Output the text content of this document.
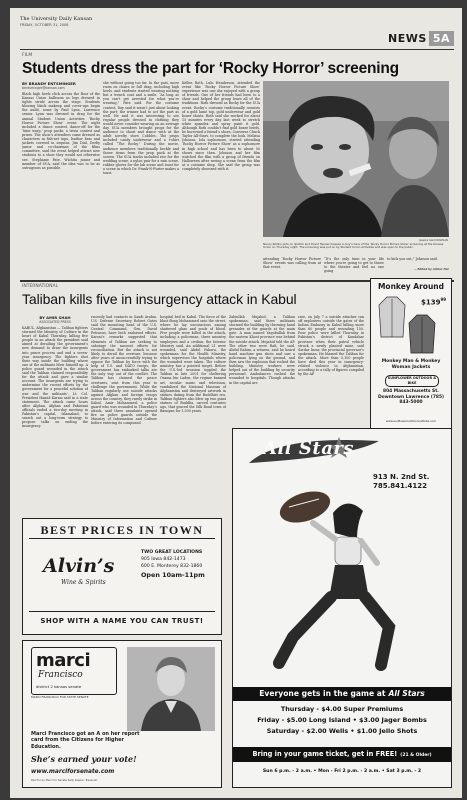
The University Daily Kansan
FRIDAY, OCTOBER 31, 2008
NEWS 5A
FILM
Students dress the part for ‘Rocky Horror’ screening
BY BRANDY ENTSMINGER
bentsminger@kansan.com
Black high heels click across the floor of the Kansas Union ballroom as legs dressed in tights stride across the stage. Students blowing black makeup and cover-ups begin the audit, some by Paul Lynn, Lawrence senior. Lynn was dressed in drag for the annual Student Union Activities ‘Rocky Horror Picture Show’ event. The night included a dance contest, dance-off for the ‘time warp,’ prop packs, a trivia contest and prizes. The show’s attendees came dressed as characters in fish-net tops, leather bras and jackets covered in sequins. Jim Dial, Derby junior and co-chairman of the films committee, said the event helped attract new students to a show they would not otherwise see. Stephanie Pate, Wichita junior and member of SUA, said the idea was to be as outrageous as possible.
she without going too far. In the past, more room on chairs or full drag, including high heels, and students started wearing nothing but a trench coat and a smile. “As long as you can’t get arrested for what you’re wearing,” Pate said. For the costume contest, Day said it wasn’t just about looking the part; the winner had to act the part as well. He said it was interesting to see regular people dressed in clothing they would never consider wearing on an average day. SUA members brought props for the audience to shout and dance with at the adult novelty store Cobbles. The props included candy underwear and a t-shirt called “The Rocky.” During the movie, audience members traditionally heckle and throw items from the prop pack at the screen. The SUA tracks included rice for the wedding scene, a nylon pair for a rain scene, rubber gloves for the lab scene and toast for a scene in which Dr. Frank-N-Furter makes a toast.
Kellen Roth, Lulu Henderson, attended the event like ‘Rocky Horror Picture Show’ experience was one she enjoyed with a group of friends. One of her friends had been to a show and helped the group learn all of the traditions. Roth dressed as Rocky for the SUA event. Rocky’s costume traditionally consists of a gold lamé top, gold underwear and gold boxer shorts. Roth said she worked for about 15 minutes every day last week to stretch white spandex and spray paint it gold. Although Roth couldn’t find gold boxer briefs, he borrowed a friend’s shoes, Converse Chuck Taylor All-Stars, to complete the look. Melissa Johnson, Iola sophomore, started attending ‘Rocky Horror Picture Show’ as a sophomore in high school and has been to about 50 shows since then. Johnson and her film watched the film with a group of friends on Halloween after seeing a scene from the film at a costume shop. She said the group was completely obsessed with it.
Jessica Sanh/KANSAN
Nancy Rollins puts on lipstick and David Hensel dresses in boy’s tune of the ‘Rocky Horror Picture Show’ screening at the Kansas Union on Thursday night. The screening was put on by Student Union Activities and was open to the public.
attending ‘Rocky Horror Picture Show’ events was calling from at that event.
“It’s the only time in your life where you’re going to get to throw to the theater and feel no one going
to kick you out,” Johnson said.
— Edited by Arthur Hur
INTERNATIONAL
Taliban kills five in insurgency attack in Kabul
BY AMIR SHAH
ASSOCIATED PRESS
KABUL, Afghanistan — Taliban fighters stormed the Ministry of Culture in the heart of Kabul Thursday, killing five people in an attack the president said aimed at derailing the government’s new demand to draw the insurgents into peace process and end a seven-year insurgency. The fighters shot their way inside the building where one of the militants blew himself up. A police guard wounded in the attack said the Taliban claimed responsibility for the attack and gave a similar account. The insurgents are trying to undermine the recent efforts by the government for a peaceful solution of war and the militants’, Lt. Col. President Hamid Karzai said in a state statement. The attack came hours after Afghan, Afghan and Pakistani officials ended a two-day meeting in Pakistan’s capital, Islamabad, to search out a long-term strategy to propose talks on ending the insurgency.
recently had contacts in Saudi Arabia. U.S. Defense Secretary Robert Gates said the mounting head of the U.S. Central Command, Gen. David Petraeus, have both endorsed efforts. Karzai’s remarks suggested that elements of Taliban are seeking to sabotage the nascent efforts for reconciliation. But the attack is not likely to derail the overture, because after years of unsuccessfully trying to oppose the Taliban by force with the help of U.S. and NATO troops, the government has embarked talks are the only way out of the conflict. The Taliban has claimed the peace overtures, sent from this year to challenge the government. While the Taliban regularly use suicide attacks against Afghan and foreign troops across the country, they rarely strike in Kabul. Amir Mohammed, a police guard who was wounded in Thursday’s attack, said three assailants opened fire on police guards outside the Ministry of Information and Culture before entering its compound.
hospital bed in Kabul. The force of the blast flung Mohammed onto the street, where he lay unconscious among shattered glass and pools of blood. Five people were killed in the attack, including a policeman, three ministry employees and a civilian, the Interior Ministry said. An additional 21 were wounded, said Abdul Fabara, the spokesman for the Health Ministry, which supervises the hospitals where the wounded were taken. The culture ministry has a pointed target. Before the U.S.-led invasion toppled the Taliban in late 2001 for sheltering Osama bin Laden, the regime banned art, secular music and television, vandalized the National Museum of Afghanistan and destroyed artwork in statues dating from the Buddhist era. Taliban fighters also blew up two giant statues of Buddha, carved centuries ago, that graced the Silk Road town of Bamiyan for 1,500 years.
Zabiullah Mujahid, a Taliban spokesman, said three militants stormed the building by throwing hand grenades at the guards at the main gate. A man named Yaqubullah from the eastern Khost province was behind the suicide attack. Mujahid told the AP. The other two were Rafi, he said. Abdul Rahim, a witness, said he heard hand machine gun shots and saw a policeman lying on the ground, and then saw the explosion that rocked the building. Ministry workers were helped out of the building by security personnel. Ambulances rushed the wounded to hospitals. Though attacks in the capital are
rare, on July 7 a suicide attacker ran off explosives outside the gates of the Indian Embassy in Kabul killing more than 60 people and wounding 150. Four police were killed Thursday in Pakistan’s district of Kandahar province when their patrol vehicle struck a newly planted mine, said Sardar Inzar, the provincial governor’s spokesman. He blamed the Taliban for the attack. More than 5,100 people have died this year in insurgency-related violence in Afghanistan, according to a tally of figures compiled by the AP.
Monkey Around
$\$139^{99}$
Monkey Man & Monkey Woman Jackets
SUNFLOWER OUTDOOR & BIKE
804 Massachusetts St. Downtown Lawrence (785) 843-5000
www.sunfloweroutdoorandbike.com
All Stars
913 N. 2nd St.
785.841.4122
Everyone gets in the game at All Stars
Thursday - $4.00 Super Premiums
Friday - $5.00 Long Island • $3.00 Jager Bombs
Saturday - $2.00 Wells • $1.00 Jello Shots
Bring in your game ticket, get in FREE! (21 & Older)
Sun 6 p.m. - 2 a.m. • Mon - Fri 2 p.m. - 2 a.m. • Sat 3 p.m. - 2
BEST PRICES IN TOWN
Alvin’s
Wine & Spirits
TWO GREAT LOCATIONS
905 Iowa 842-1473
600 E. Monterey 832-1860
Open 10am-11pm
SHOP WITH A NAME YOU CAN TRUST!
marci
Francisco
district 2 kansas senate
MARCI FRANCISCO FOR STATE SENATE
Marci Francisco got an A on her report card from the Citizens for Higher Education.
She’s earned your vote!
www.marciforsenate.com
Paid for by Marci for Senate Sally Kaspar, Treasurer
